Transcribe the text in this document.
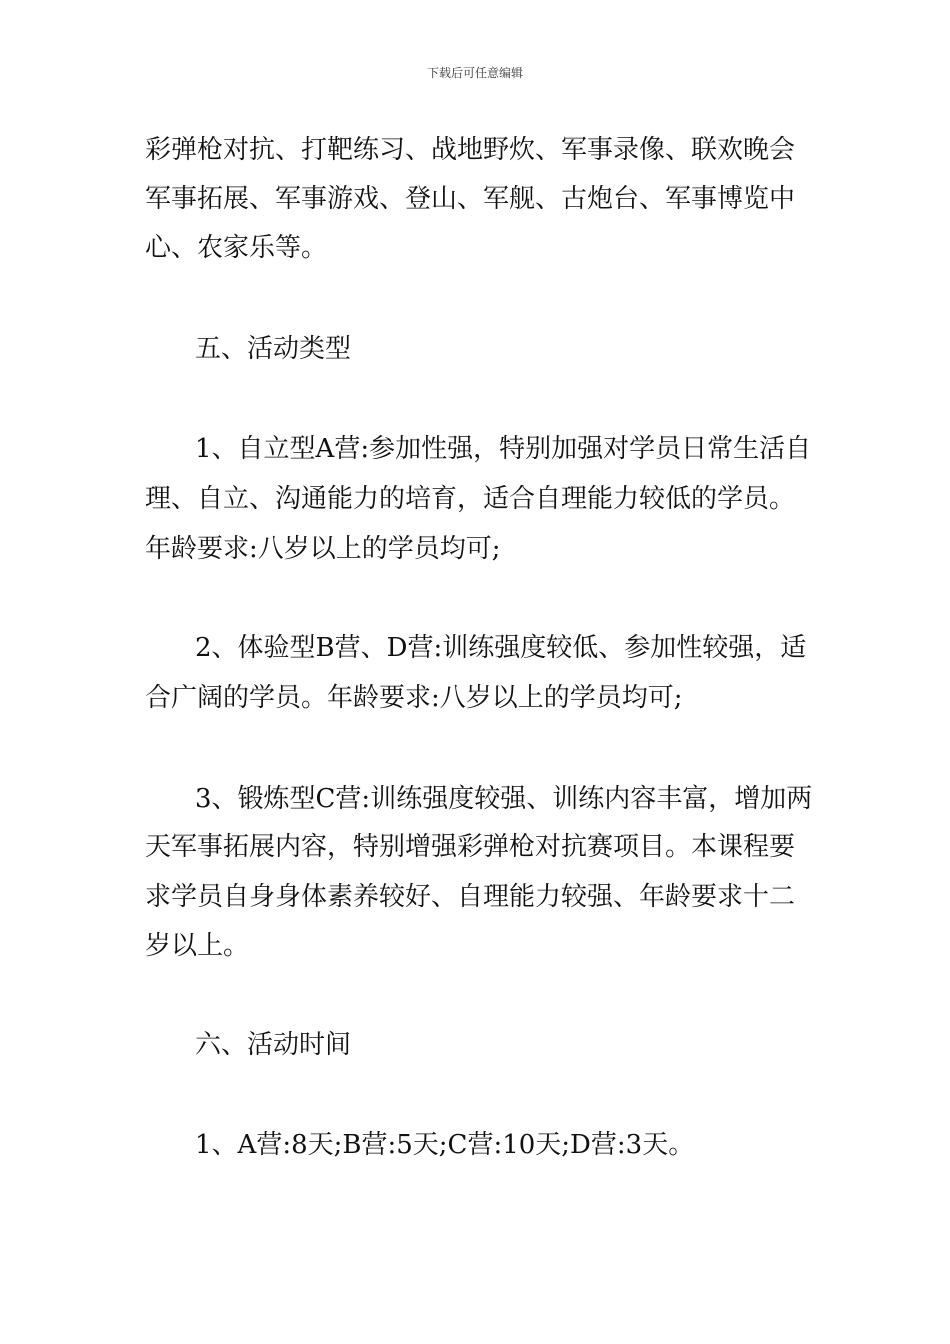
下载后可任意编辑
彩弹枪对抗、打靶练习、战地野炊、军事录像、联欢晚会
军事拓展、军事游戏、登山、军舰、古炮台、军事博览中
心、农家乐等。
五、活动类型
1、自立型A营:参加性强，特别加强对学员日常生活自
理、自立、沟通能力的培育，适合自理能力较低的学员。
年龄要求:八岁以上的学员均可;
2、体验型B营、D营:训练强度较低、参加性较强，适
合广阔的学员。年龄要求:八岁以上的学员均可;
3、锻炼型C营:训练强度较强、训练内容丰富，增加两
天军事拓展内容，特别增强彩弹枪对抗赛项目。本课程要
求学员自身身体素养较好、自理能力较强、年龄要求十二
岁以上。
六、活动时间
1、A营:8天;B营:5天;C营:10天;D营:3天。
